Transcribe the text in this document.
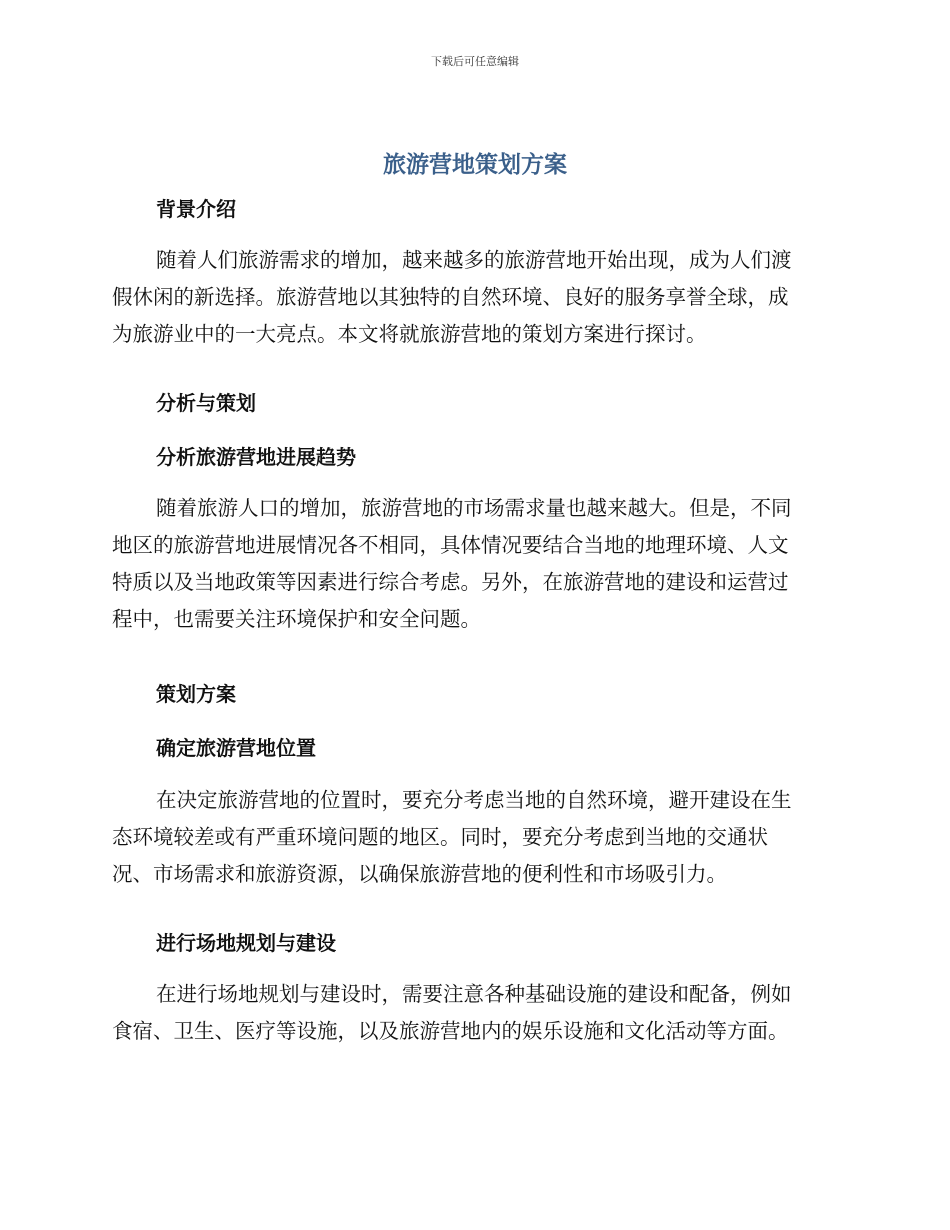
下载后可任意编辑
旅游营地策划方案
背景介绍
随着人们旅游需求的增加，越来越多的旅游营地开始出现，成为人们渡
假休闲的新选择。旅游营地以其独特的自然环境、良好的服务享誉全球，成
为旅游业中的一大亮点。本文将就旅游营地的策划方案进行探讨。
分析与策划
分析旅游营地进展趋势
随着旅游人口的增加，旅游营地的市场需求量也越来越大。但是，不同
地区的旅游营地进展情况各不相同，具体情况要结合当地的地理环境、人文
特质以及当地政策等因素进行综合考虑。另外，在旅游营地的建设和运营过
程中，也需要关注环境保护和安全问题。
策划方案
确定旅游营地位置
在决定旅游营地的位置时，要充分考虑当地的自然环境，避开建设在生
态环境较差或有严重环境问题的地区。同时，要充分考虑到当地的交通状
况、市场需求和旅游资源，以确保旅游营地的便利性和市场吸引力。
进行场地规划与建设
在进行场地规划与建设时，需要注意各种基础设施的建设和配备，例如
食宿、卫生、医疗等设施，以及旅游营地内的娱乐设施和文化活动等方面。
